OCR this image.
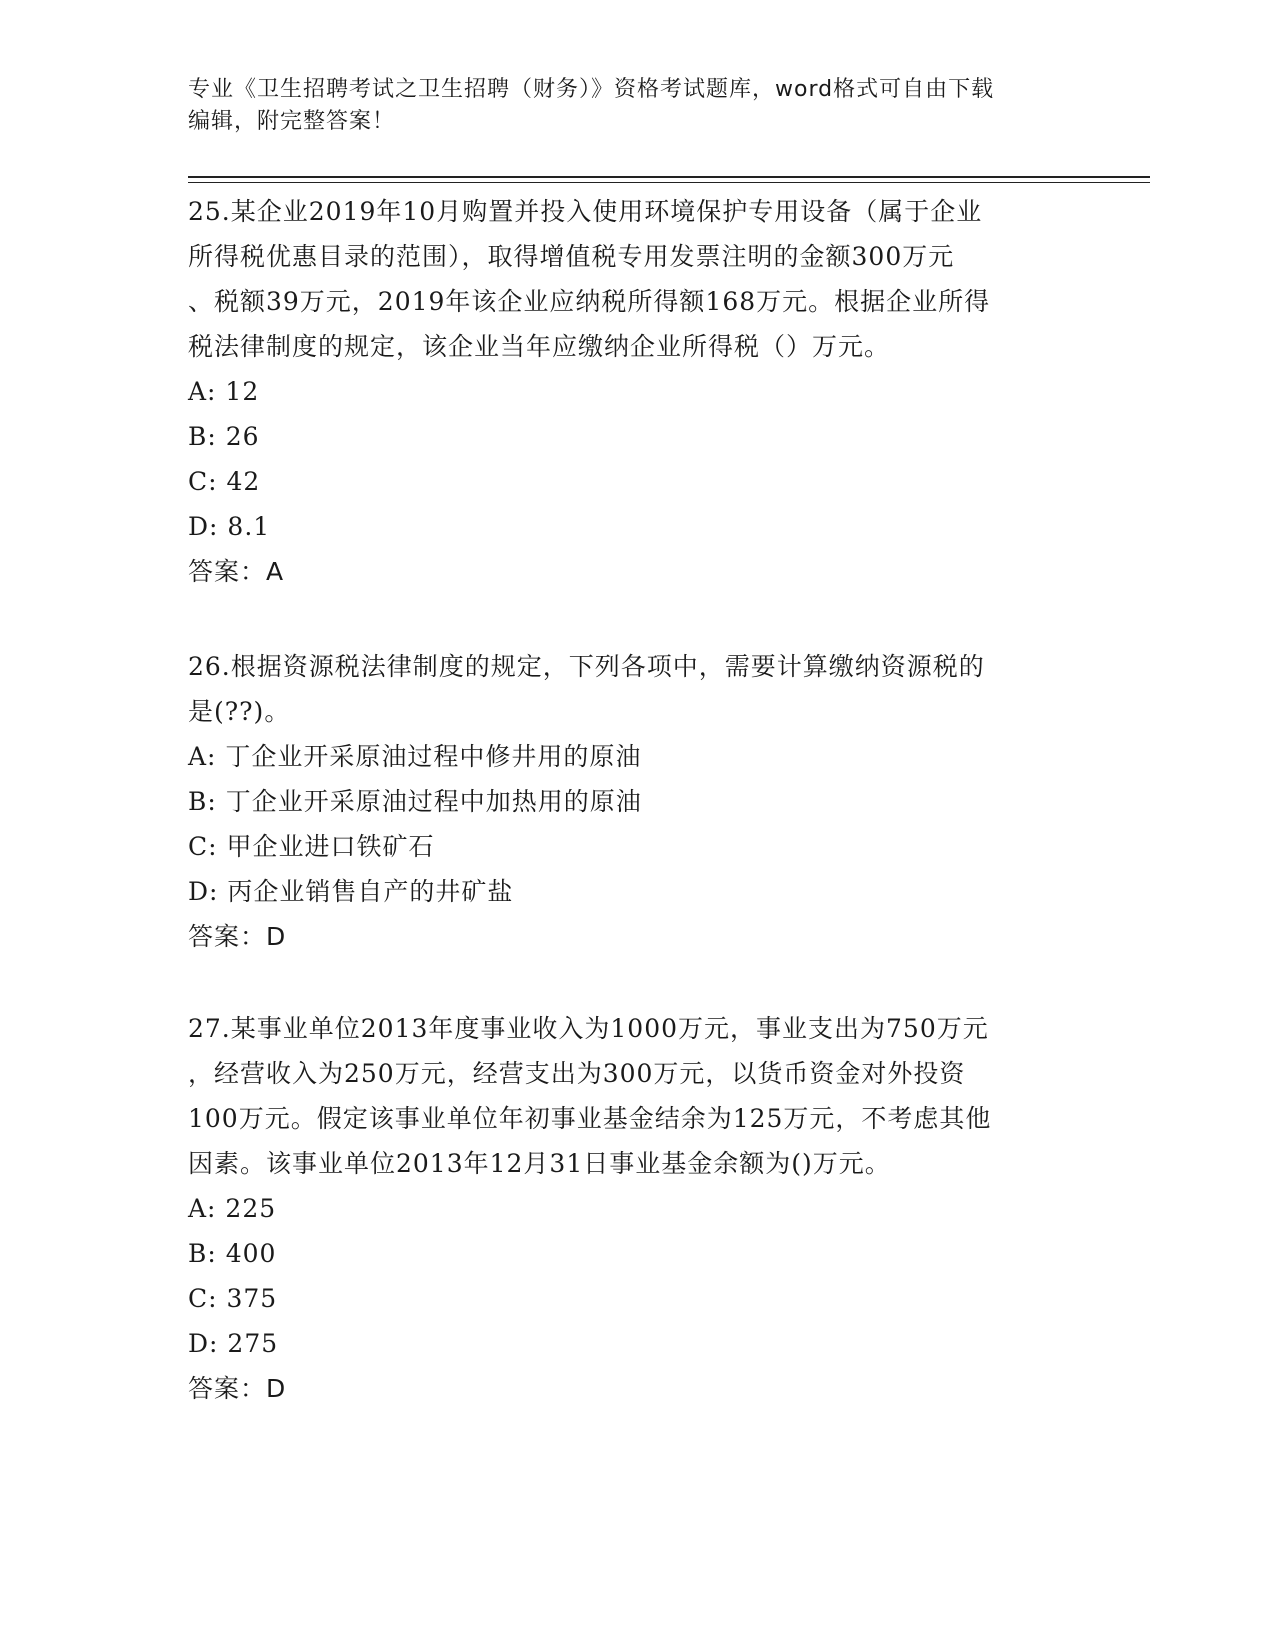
专业《卫生招聘考试之卫生招聘（财务）》资格考试题库，word格式可自由下载
编辑，附完整答案！

25.某企业2019年10月购置并投入使用环境保护专用设备（属于企业

所得税优惠目录的范围），取得增值税专用发票注明的金额300万元

、税额39万元，2019年该企业应纳税所得额168万元。根据企业所得

税法律制度的规定，该企业当年应缴纳企业所得税（）万元。

A: 12

B: 26

C: 42

D: 8.1

答案：A

26.根据资源税法律制度的规定，下列各项中，需要计算缴纳资源税的

是(??)。

A: 丁企业开采原油过程中修井用的原油

B: 丁企业开采原油过程中加热用的原油

C: 甲企业进口铁矿石

D: 丙企业销售自产的井矿盐

答案：D

27.某事业单位2013年度事业收入为1000万元，事业支出为750万元

，经营收入为250万元，经营支出为300万元，以货币资金对外投资

100万元。假定该事业单位年初事业基金结余为125万元，不考虑其他

因素。该事业单位2013年12月31日事业基金余额为()万元。

A: 225

B: 400

C: 375

D: 275

答案：D
